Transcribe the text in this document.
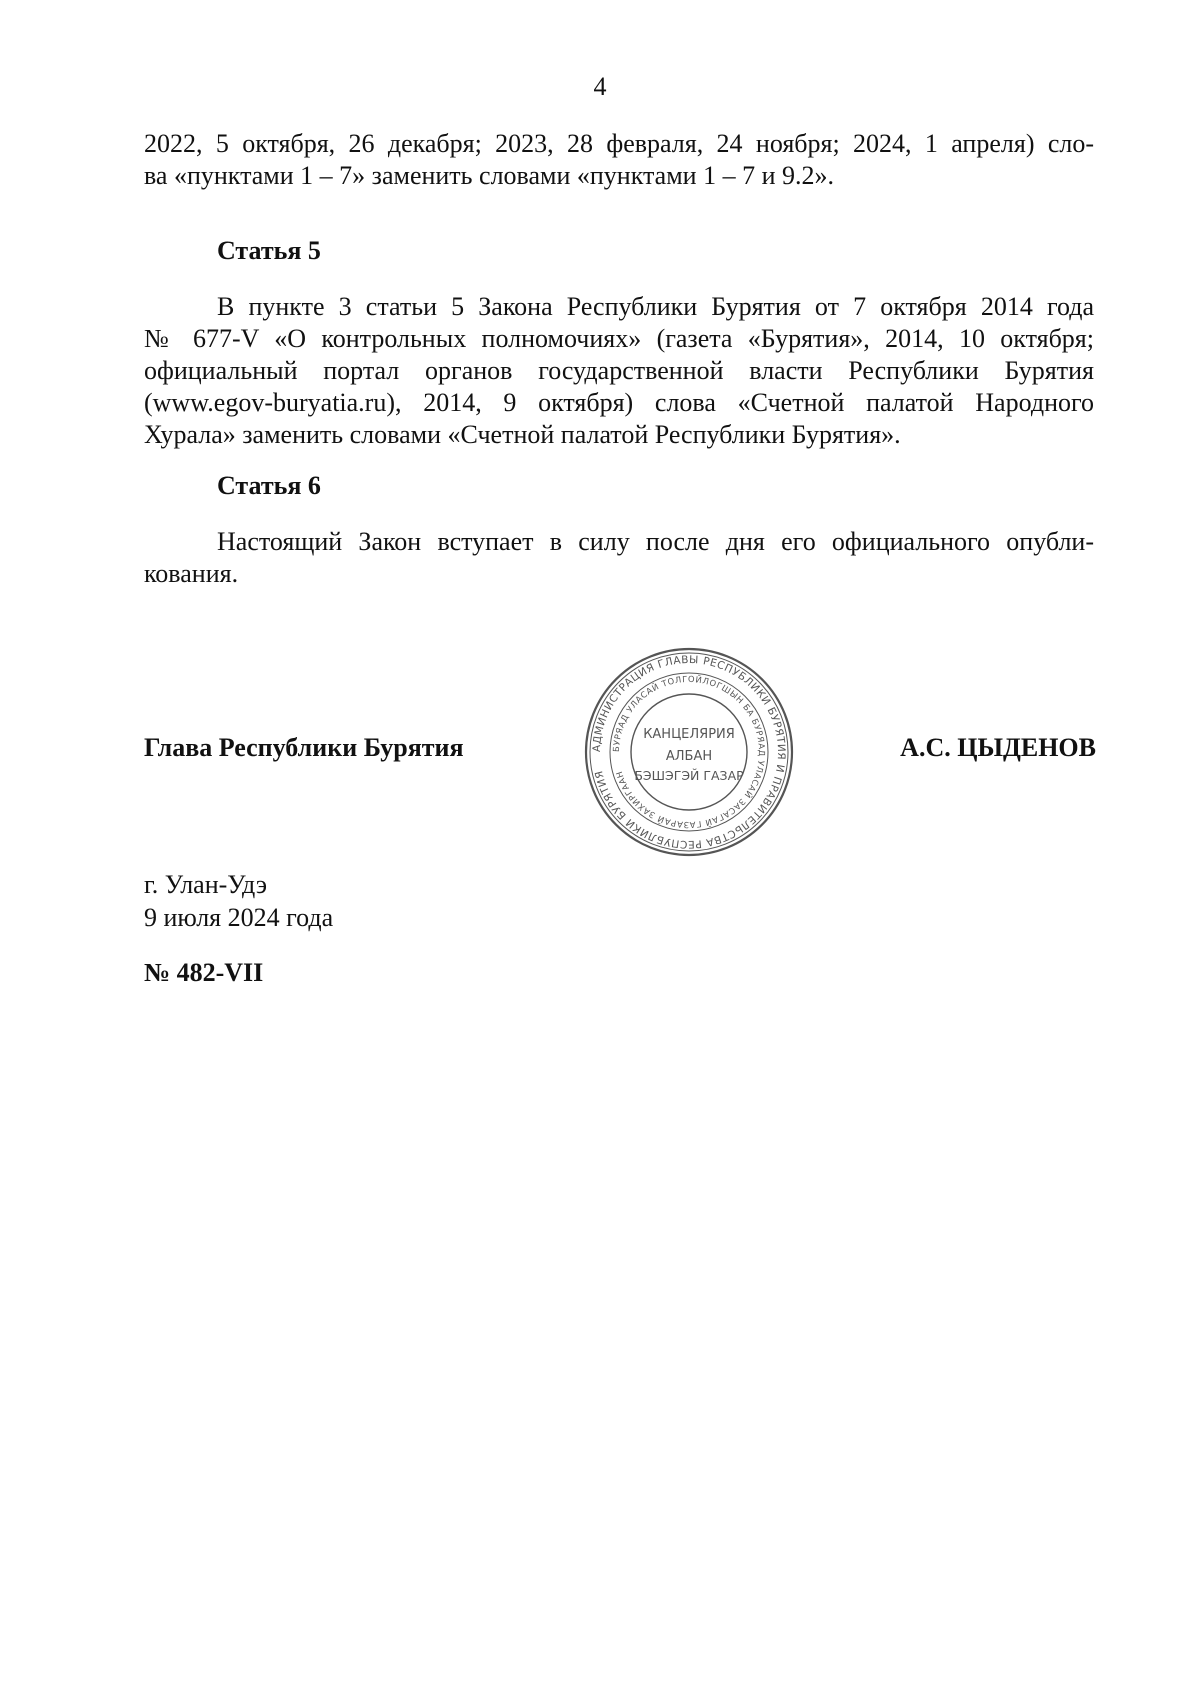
4
2022, 5 октября, 26 декабря; 2023, 28 февраля, 24 ноября; 2024, 1 апреля) сло-
ва «пунктами 1 – 7» заменить словами «пунктами 1 – 7 и 9.2».
Статья 5
В пункте 3 статьи 5 Закона Республики Бурятия от 7 октября 2014 года
№ 677-V «О контрольных полномочиях» (газета «Бурятия», 2014, 10 октября;
официальный портал органов государственной власти Республики Бурятия
(www.egov-buryatia.ru), 2014, 9 октября) слова «Счетной палатой Народного
Хурала» заменить словами «Счетной палатой Республики Бурятия».
Статья 6
Настоящий Закон вступает в силу после дня его официального опубли-
кования.
Глава Республики Бурятия	А.С. ЦЫДЕНОВ
АДМИНИСТРАЦИЯ ГЛАВЫ РЕСПУБЛИКИ БУРЯТИЯ И ПРАВИТЕЛЬСТВА РЕСПУБЛИКИ БУРЯТИЯ
БУРЯАД УЛАСАЙ ТОЛГОЙЛОГШЫН БА БУРЯАД УЛАСАЙ ЗАСАГАЙ ГАЗАРАЙ ЗАХИРГААН
КАНЦЕЛЯРИЯ
АЛБАН
БЭШЭГЭЙ ГАЗАР
г. Улан-Удэ
9 июля 2024 года
№ 482-VII
